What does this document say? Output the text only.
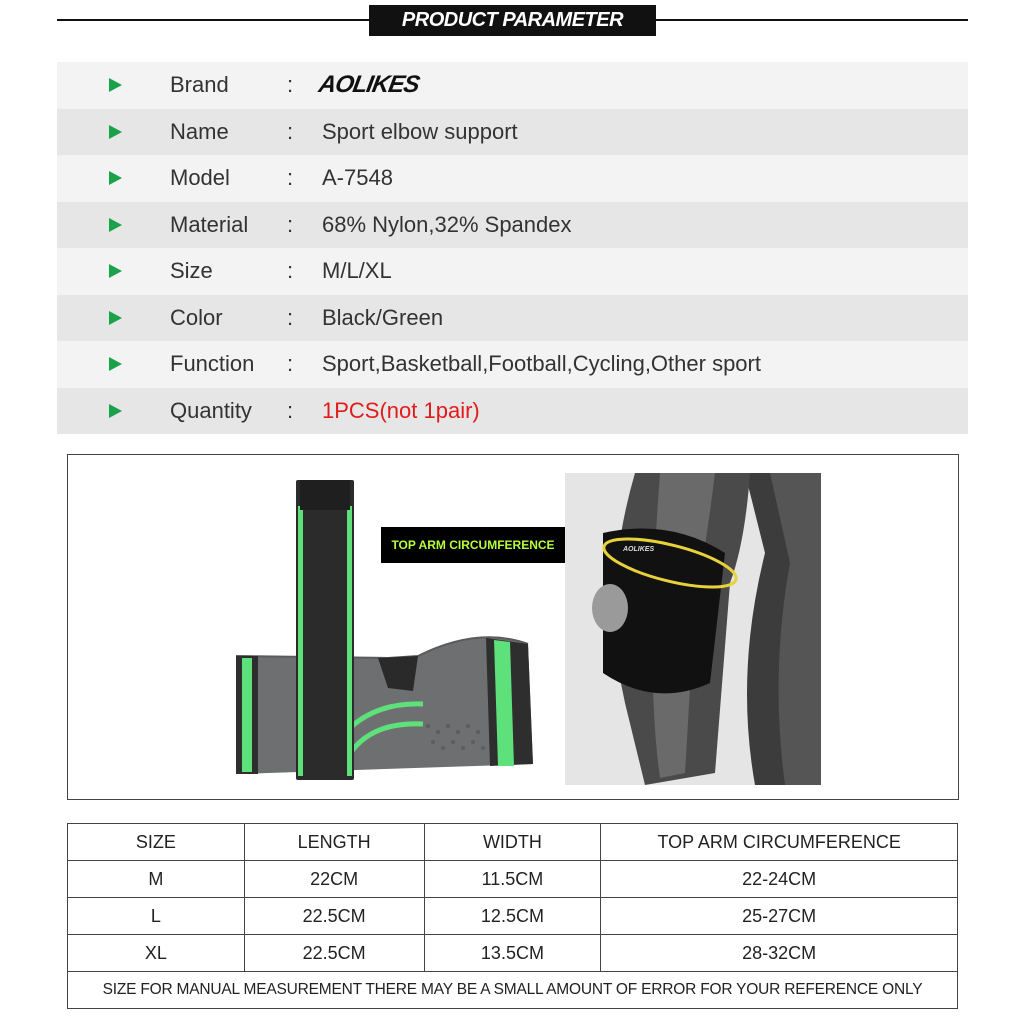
PRODUCT PARAMETER
Brand	: AOLIKES
Name	: Sport elbow support
Model	: A-7548
Material : 68% Nylon,32% Spandex
Size	: M/L/XL
Color	: Black/Green
Function : Sport,Basketball,Football,Cycling,Other sport
Quantity : 1PCS(not 1pair)
TOP ARM CIRCUMFERENCE	AOLIKES
SIZE	LENGTH	WIDTH	TOP ARM CIRCUMFERENCE
M	22CM	11.5CM	22-24CM
L	22.5CM	12.5CM	25-27CM
XL	22.5CM	13.5CM	28-32CM
SIZE FOR MANUAL MEASUREMENT THERE MAY BE A SMALL AMOUNT OF ERROR FOR YOUR REFERENCE ONLY			
